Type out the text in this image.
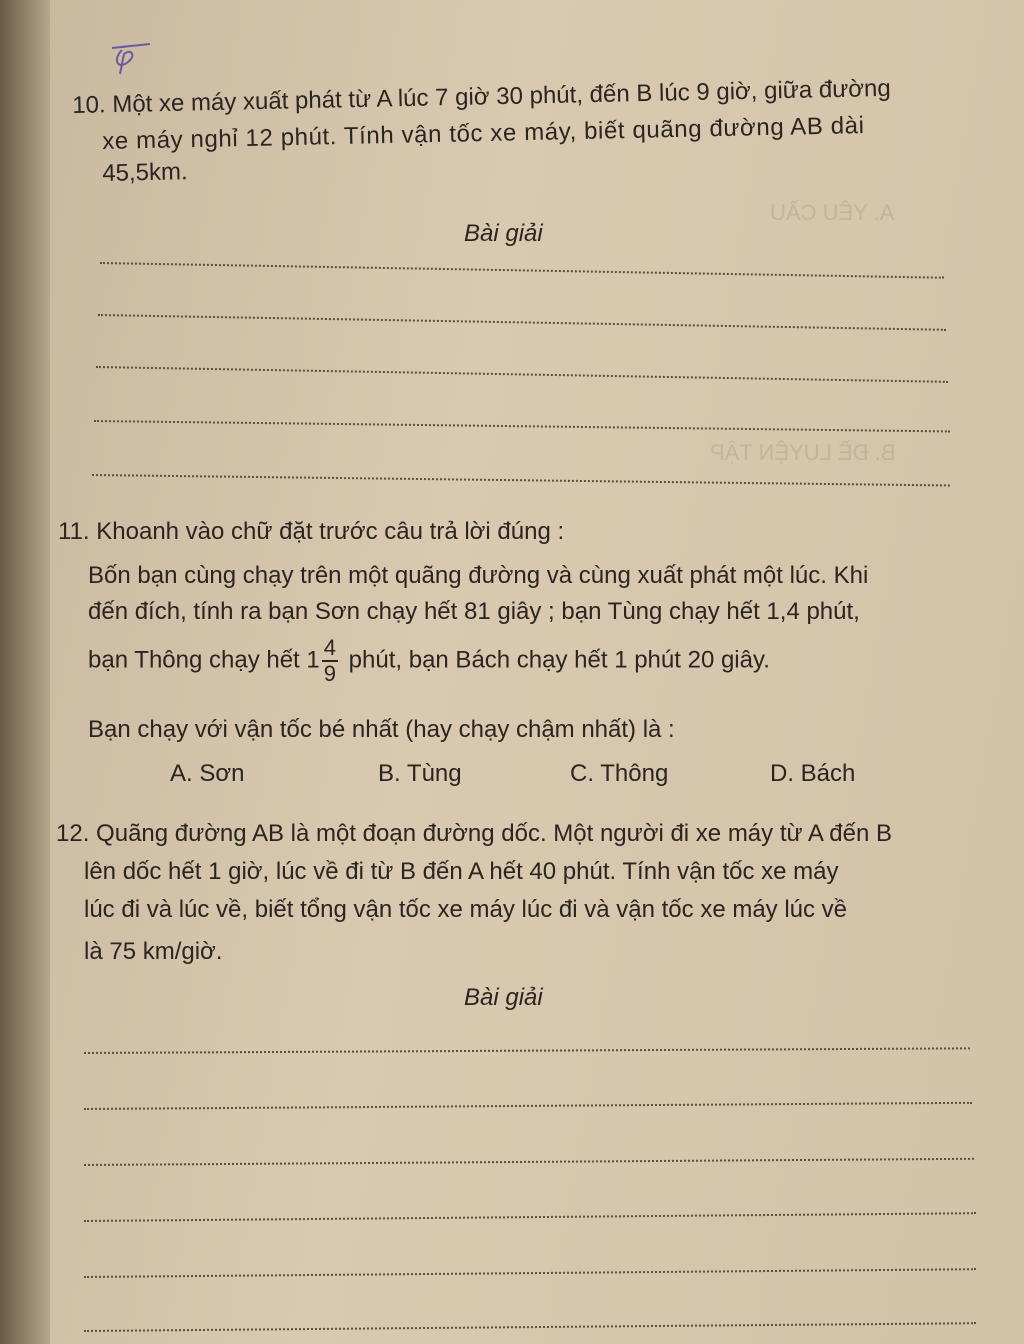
A. YÊU CẦU
B. ĐỀ LUYỆN TẬP
10. Một xe máy xuất phát từ A lúc 7 giờ 30 phút, đến B lúc 9 giờ, giữa đường
xe máy nghỉ 12 phút. Tính vận tốc xe máy, biết quãng đường AB dài
45,5km.
Bài giải
11. Khoanh vào chữ đặt trước câu trả lời đúng :
Bốn bạn cùng chạy trên một quãng đường và cùng xuất phát một lúc. Khi
đến đích, tính ra bạn Sơn chạy hết 81 giây ; bạn Tùng chạy hết 1,4 phút,
bạn Thông chạy hết $1 \frac{4}{9}$ phút, bạn Bách chạy hết 1 phút 20 giây.
Bạn chạy với vận tốc bé nhất (hay chạy chậm nhất) là :
A. Sơn	B. Tùng	C. Thông	D. Bách
12. Quãng đường AB là một đoạn đường dốc. Một người đi xe máy từ A đến B
lên dốc hết 1 giờ, lúc về đi từ B đến A hết 40 phút. Tính vận tốc xe máy
lúc đi và lúc về, biết tổng vận tốc xe máy lúc đi và vận tốc xe máy lúc về
là 75 km/giờ.
Bài giải
